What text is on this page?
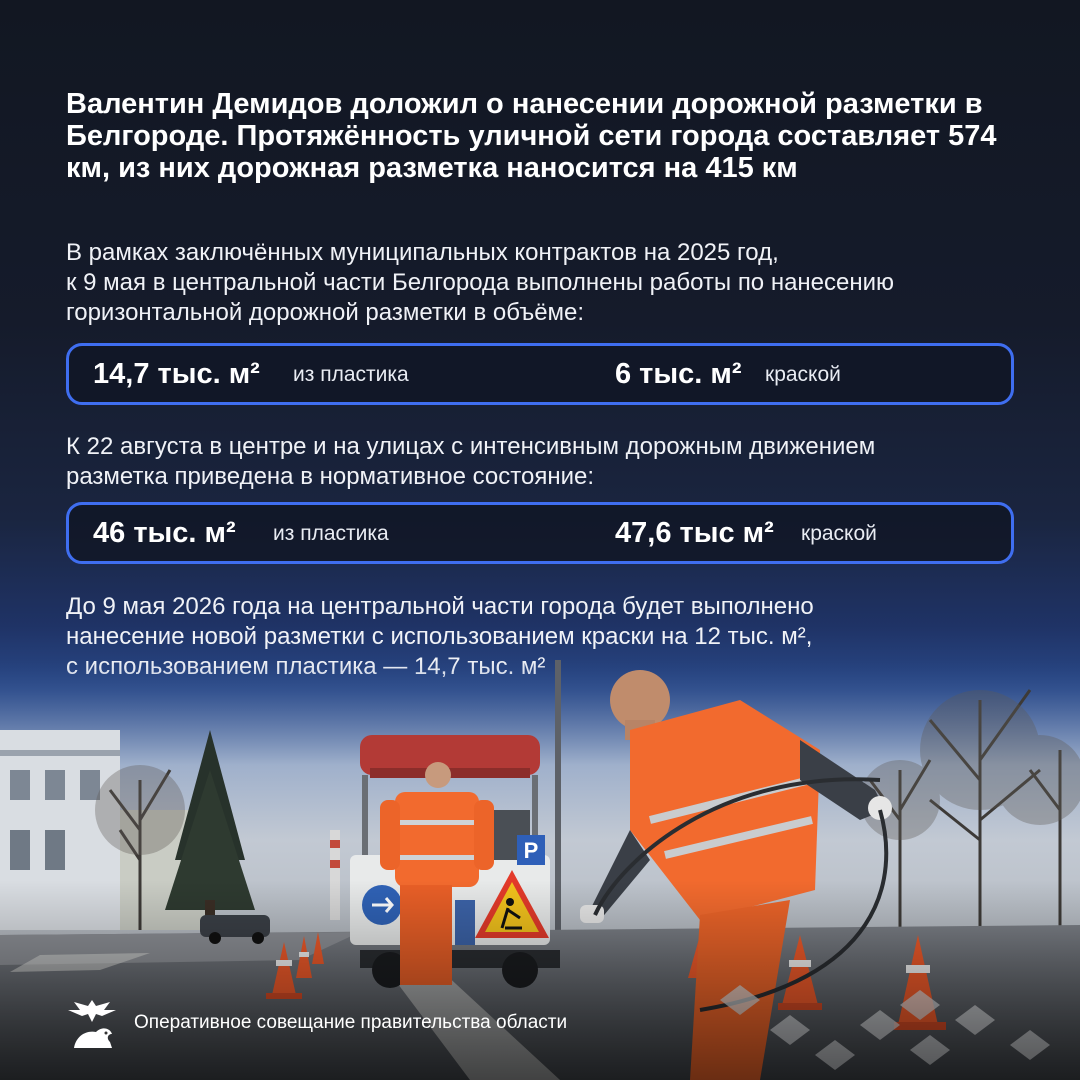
Валентин Демидов доложил о нанесении дорожной разметки в Белгороде. Протяжённость уличной сети города составляет 574 км, из них дорожная разметка наносится на 415 км
В рамках заключённых муниципальных контрактов на 2025 год,
к 9 мая в центральной части Белгорода выполнены работы по нанесению
горизонтальной дорожной разметки в объёме:
14,7 тыс. м² из пластика	6 тыс. м² краской
К 22 августа в центре и на улицах с интенсивным дорожным движением
разметка приведена в нормативное состояние:
46 тыс. м² из пластика	47,6 тыс м² краской
До 9 мая 2026 года на центральной части города будет выполнено
нанесение новой разметки с использованием краски на 12 тыс. м²,
P
Оперативное совещание правительства области
